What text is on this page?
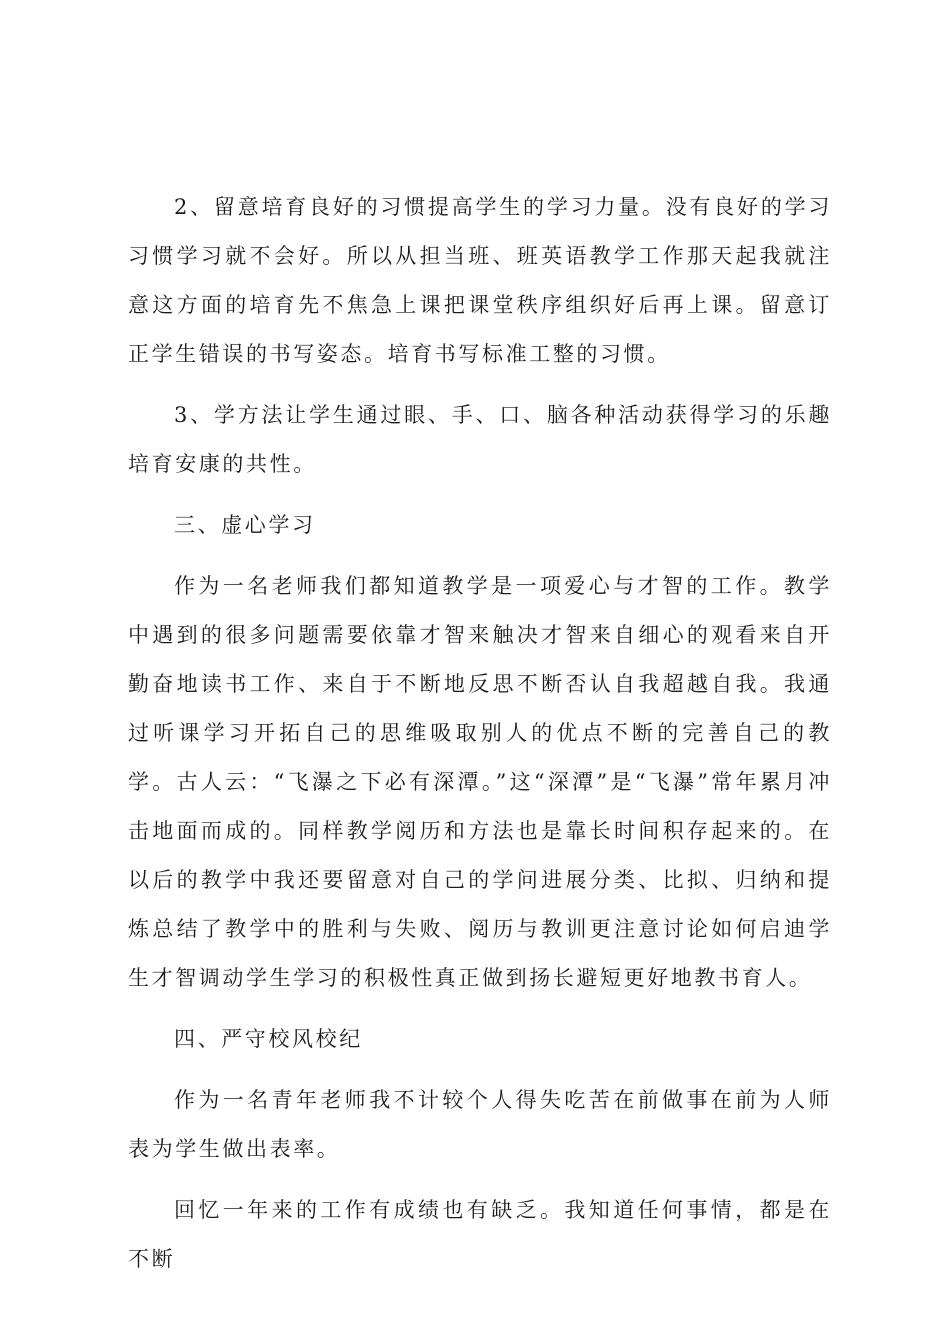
2、留意培育良好的习惯提高学生的学习力量。没有良好的学习习惯学习就不会好。所以从担当班、班英语教学工作那天起我就注意这方面的培育先不焦急上课把课堂秩序组织好后再上课。留意订正学生错误的书写姿态。培育书写标准工整的习惯。

3、学方法让学生通过眼、手、口、脑各种活动获得学习的乐趣培育安康的共性。

三、虚心学习

作为一名老师我们都知道教学是一项爱心与才智的工作。教学中遇到的很多问题需要依靠才智来触决才智来自细心的观看来自开勤奋地读书工作、来自于不断地反思不断否认自我超越自我。我通过听课学习开拓自己的思维吸取别人的优点不断的完善自己的教学。古人云：“飞瀑之下必有深潭。”这“深潭”是“飞瀑”常年累月冲击地面而成的。同样教学阅历和方法也是靠长时间积存起来的。在以后的教学中我还要留意对自己的学问进展分类、比拟、归纳和提炼总结了教学中的胜利与失败、阅历与教训更注意讨论如何启迪学生才智调动学生学习的积极性真正做到扬长避短更好地教书育人。

四、严守校风校纪

作为一名青年老师我不计较个人得失吃苦在前做事在前为人师表为学生做出表率。

回忆一年来的工作有成绩也有缺乏。我知道任何事情，都是在不断
